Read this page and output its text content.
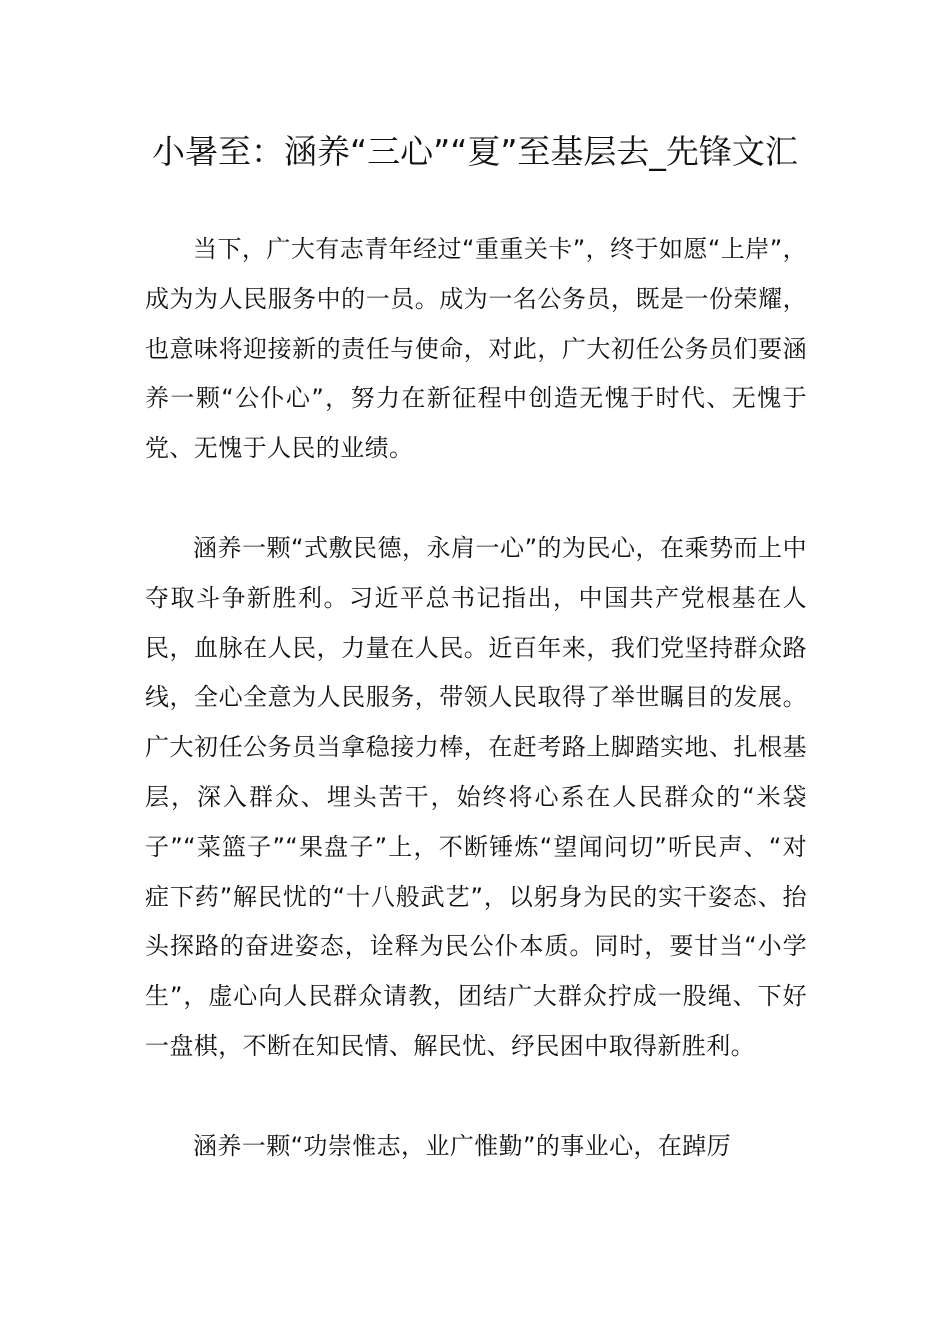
小暑至：涵养“三心”“夏”至基层去_先锋文汇

当下，广大有志青年经过“重重关卡”，终于如愿“上岸”，成为为人民服务中的一员。成为一名公务员，既是一份荣耀，也意味将迎接新的责任与使命，对此，广大初任公务员们要涵养一颗“公仆心”，努力在新征程中创造无愧于时代、无愧于党、无愧于人民的业绩。

涵养一颗“式敷民德，永肩一心”的为民心，在乘势而上中夺取斗争新胜利。习近平总书记指出，中国共产党根基在人民，血脉在人民，力量在人民。近百年来，我们党坚持群众路线，全心全意为人民服务，带领人民取得了举世瞩目的发展。广大初任公务员当拿稳接力棒，在赶考路上脚踏实地、扎根基层，深入群众、埋头苦干，始终将心系在人民群众的“米袋子”“菜篮子”“果盘子”上，不断锤炼“望闻问切”听民声、“对症下药”解民忧的“十八般武艺”，以躬身为民的实干姿态、抬头探路的奋进姿态，诠释为民公仆本质。同时，要甘当“小学生”，虚心向人民群众请教，团结广大群众拧成一股绳、下好一盘棋，不断在知民情、解民忧、纾民困中取得新胜利。

涵养一颗“功崇惟志，业广惟勤”的事业心，在踔厉
